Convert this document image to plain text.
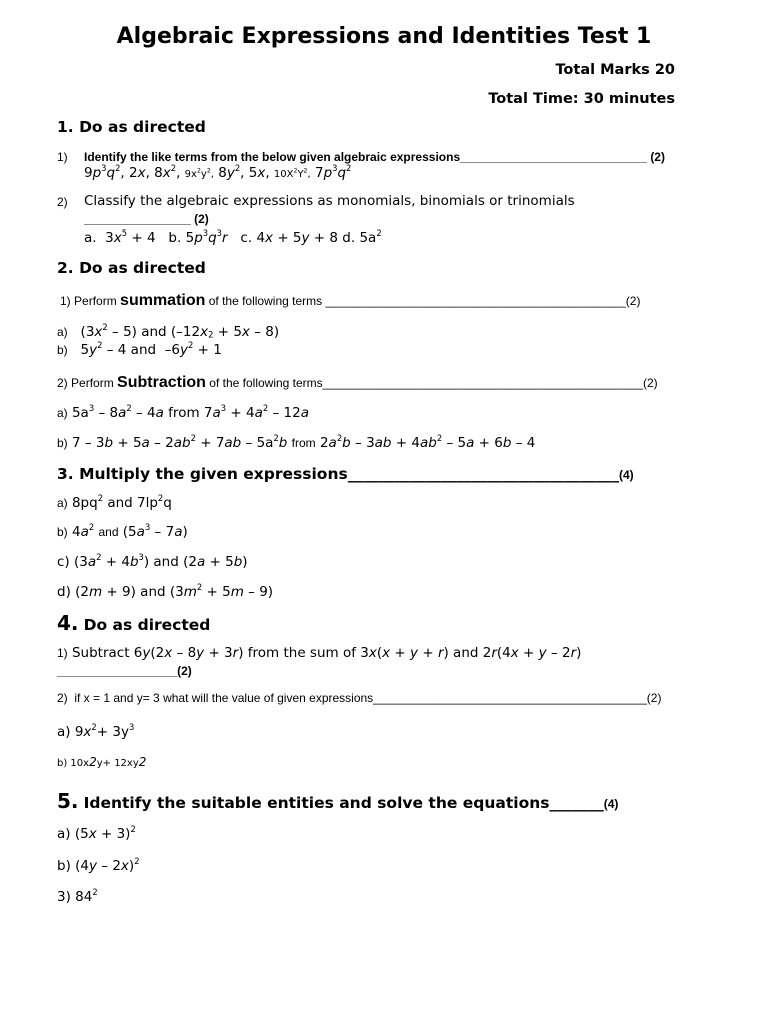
Algebraic Expressions and Identities Test 1
Total Marks 20
Total Time: 30 minutes
1. Do as directed
1) Identify the like terms from the below given algebraic expressions____________________________ (2)
$9p^3q^2$, 2x, $8x^2$, $9x^2y^2$, $8y^2$, 5x, $10X^2Y^2$, $7p^3q^2$
2) Classify the algebraic expressions as monomials, binomials or trinomials
________________ (2)
a.  $3x^5 + 4$   b. $5p^3q^3r$   c. 4x + 5y + 8 d. $5a^2$
2. Do as directed
1) Perform summation of the following terms _____________________________________________(2)
a)   $(3x^2 - 5)$ and $(-12x_2 + 5x - 8)$
b)   $5y^2 - 4$ and  $-6y^2 + 1$
2) Perform Subtraction of the following terms________________________________________________(2)
a) $5a^3 - 8a^2 - 4a$ from $7a^3 + 4a^2 - 12a$
b) $7 - 3b + 5a - 2ab^2 + 7ab - 5a^2b$ from $2a^2b - 3ab + 4ab^2 - 5a + 6b - 4$
3. Multiply the given expressions___________________________________(4)
a) $8pq^2$ and $7lp^2q$
b) $4a^2$ and $(5a^3 - 7a)$
c) $(3a^2 + 4b^3)$ and (2a + 5b)
d) (2m + 9) and $(3m^2 + 5m - 9)$
4. Do as directed
1) Subtract 6y(2x – 8y + 3r) from the sum of 3x(x + y + r) and 2r(4x + y – 2r)
__________________(2)
2) if x = 1 and y= 3 what will the value of given expressions_________________________________________(2)
a) $9x^2+ 3y^3$
b) 10x2y+ 12xy2
5. Identify the suitable entities and solve the equations_______(4)
a) $(5x + 3)^2$
b) (4y – 2x)$^2$
3) $84^2$
